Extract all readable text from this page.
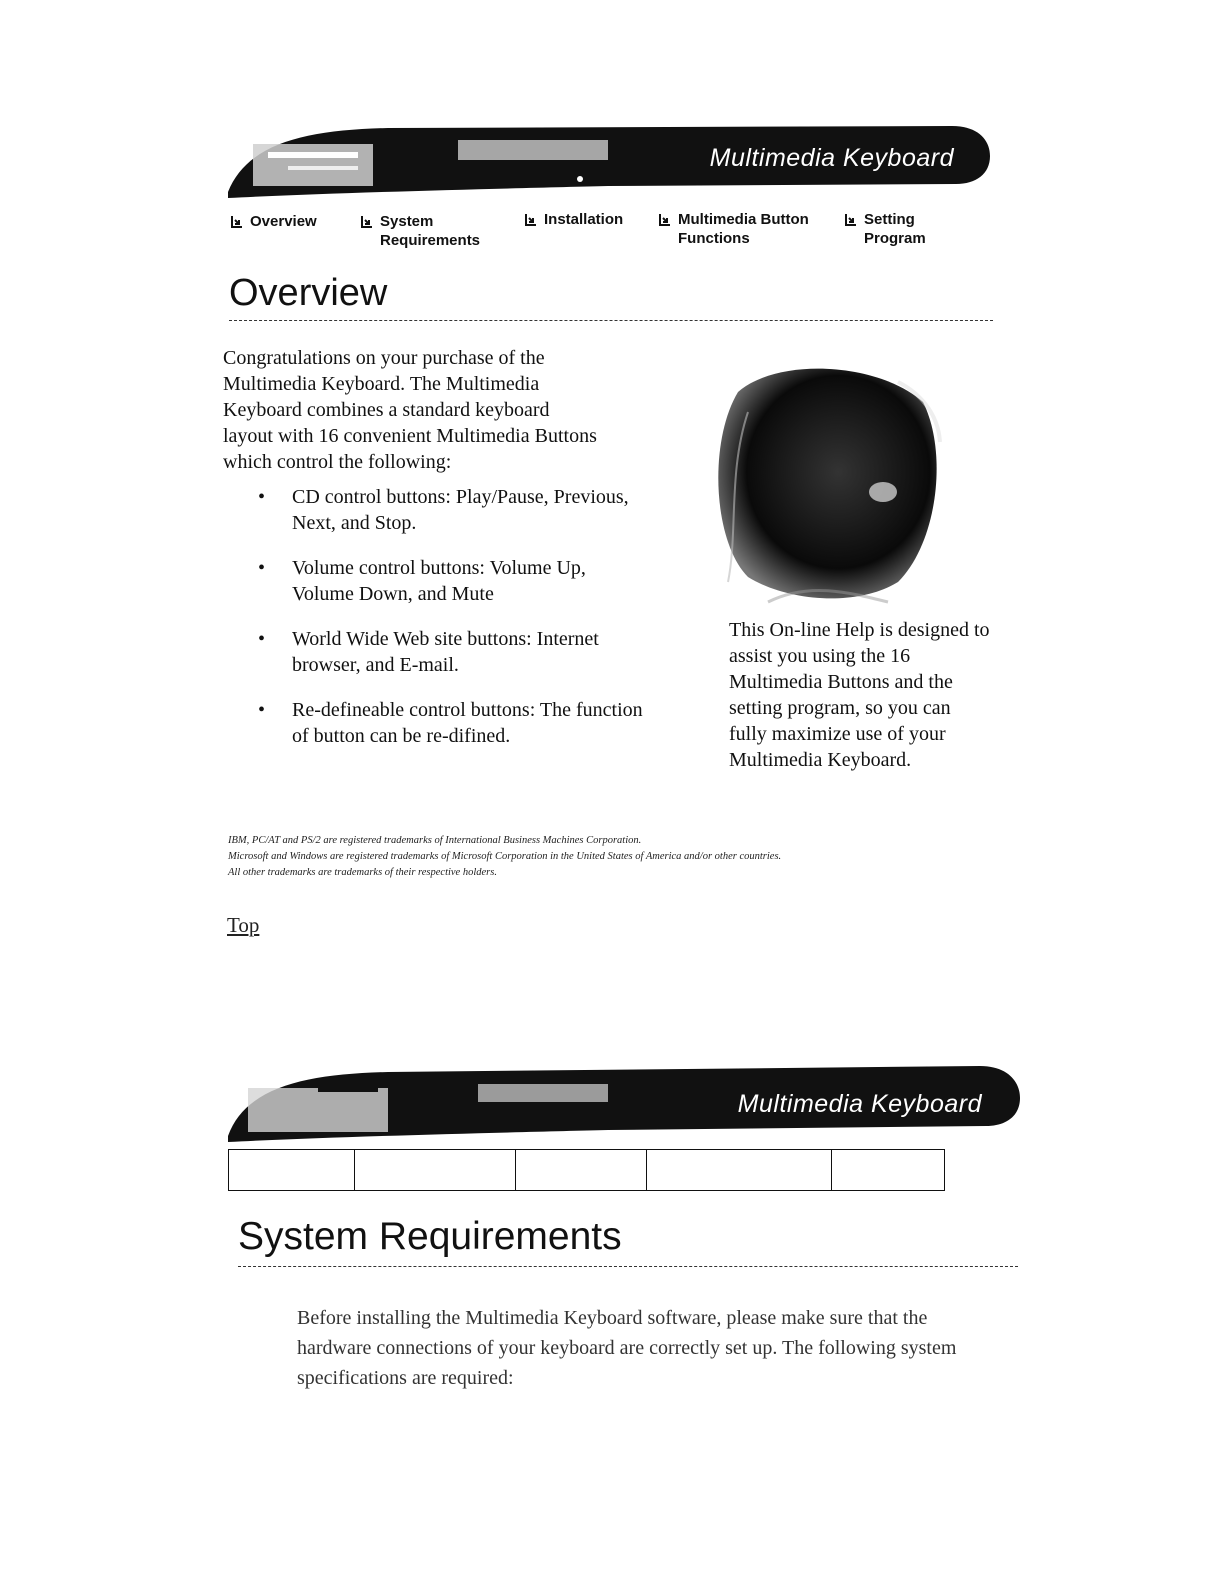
Multimedia Keyboard
Overview	System
Requirements
Installation	Multimedia Button
Functions
Setting
Program
Overview

Congratulations on your purchase of the Multimedia Keyboard. The Multimedia Keyboard combines a standard keyboard layout with 16 convenient Multimedia Buttons which control the following:

• CD control buttons: Play/Pause, Previous, Next, and Stop.
• Volume control buttons: Volume Up, Volume Down, and Mute
• World Wide Web site buttons: Internet browser, and E-mail.
• Re-defineable control buttons: The function of button can be re-difined.

This On-line Help is designed to assist you using the 16 Multimedia Buttons and the setting program, so you can fully maximize use of your Multimedia Keyboard.

IBM, PC/AT and PS/2 are registered trademarks of International Business Machines Corporation.
Microsoft and Windows are registered trademarks of Microsoft Corporation in the United States of America and/or other countries.
All other trademarks are trademarks of their respective holders.
Top
Multimedia Keyboard

System Requirements

Before installing the Multimedia Keyboard software, please make sure that the hardware connections of your keyboard are correctly set up. The following system specifications are required:
